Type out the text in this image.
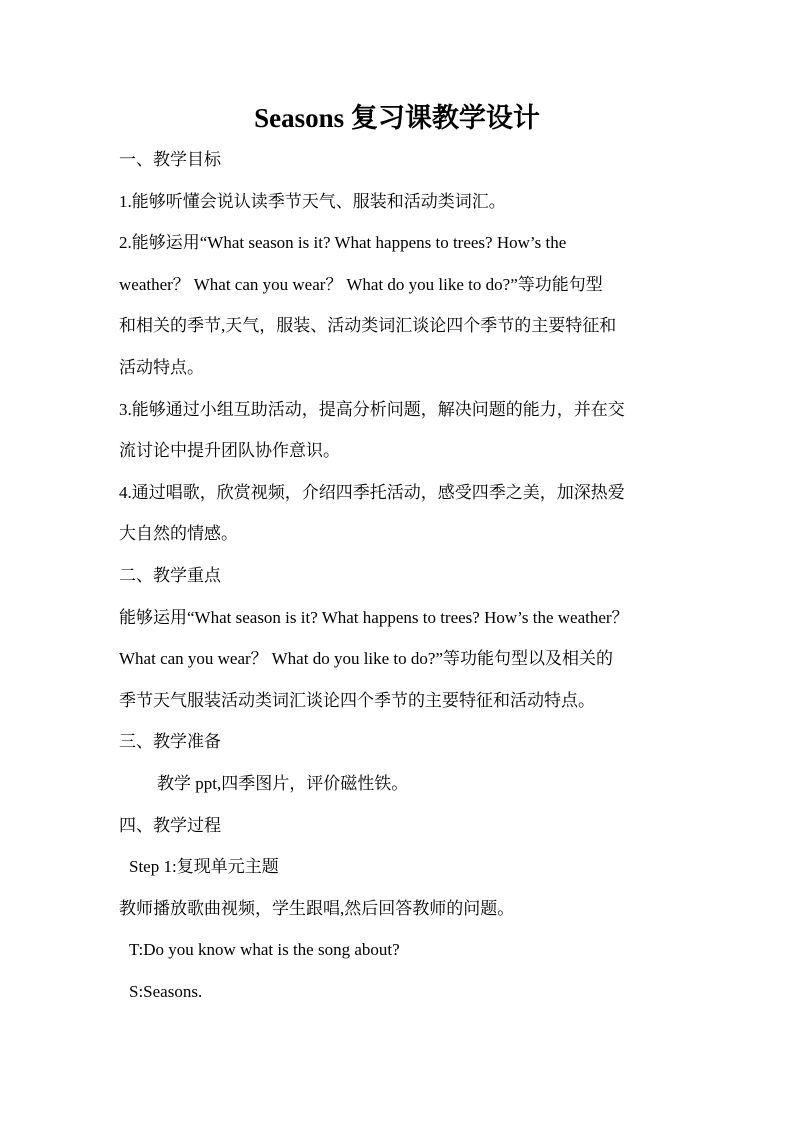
Seasons 复习课教学设计
一、教学目标
1.能够听懂会说认读季节天气、服装和活动类词汇。
2.能够运用“What season is it? What happens to trees? How’s the
weather？ What can you wear？ What do you like to do?”等功能句型
和相关的季节,天气，服装、活动类词汇谈论四个季节的主要特征和
活动特点。
3.能够通过小组互助活动，提高分析问题，解决问题的能力，并在交
流讨论中提升团队协作意识。
4.通过唱歌，欣赏视频，介绍四季托活动，感受四季之美，加深热爱
大自然的情感。
二、教学重点
能够运用“What season is it? What happens to trees? How’s the weather？
What can you wear？ What do you like to do?”等功能句型以及相关的
季节天气服装活动类词汇谈论四个季节的主要特征和活动特点。
三、教学准备
教学 ppt,四季图片，评价磁性铁。
四、教学过程
Step 1:复现单元主题
教师播放歌曲视频，学生跟唱,然后回答教师的问题。
T:Do you know what is the song about?
S:Seasons.
